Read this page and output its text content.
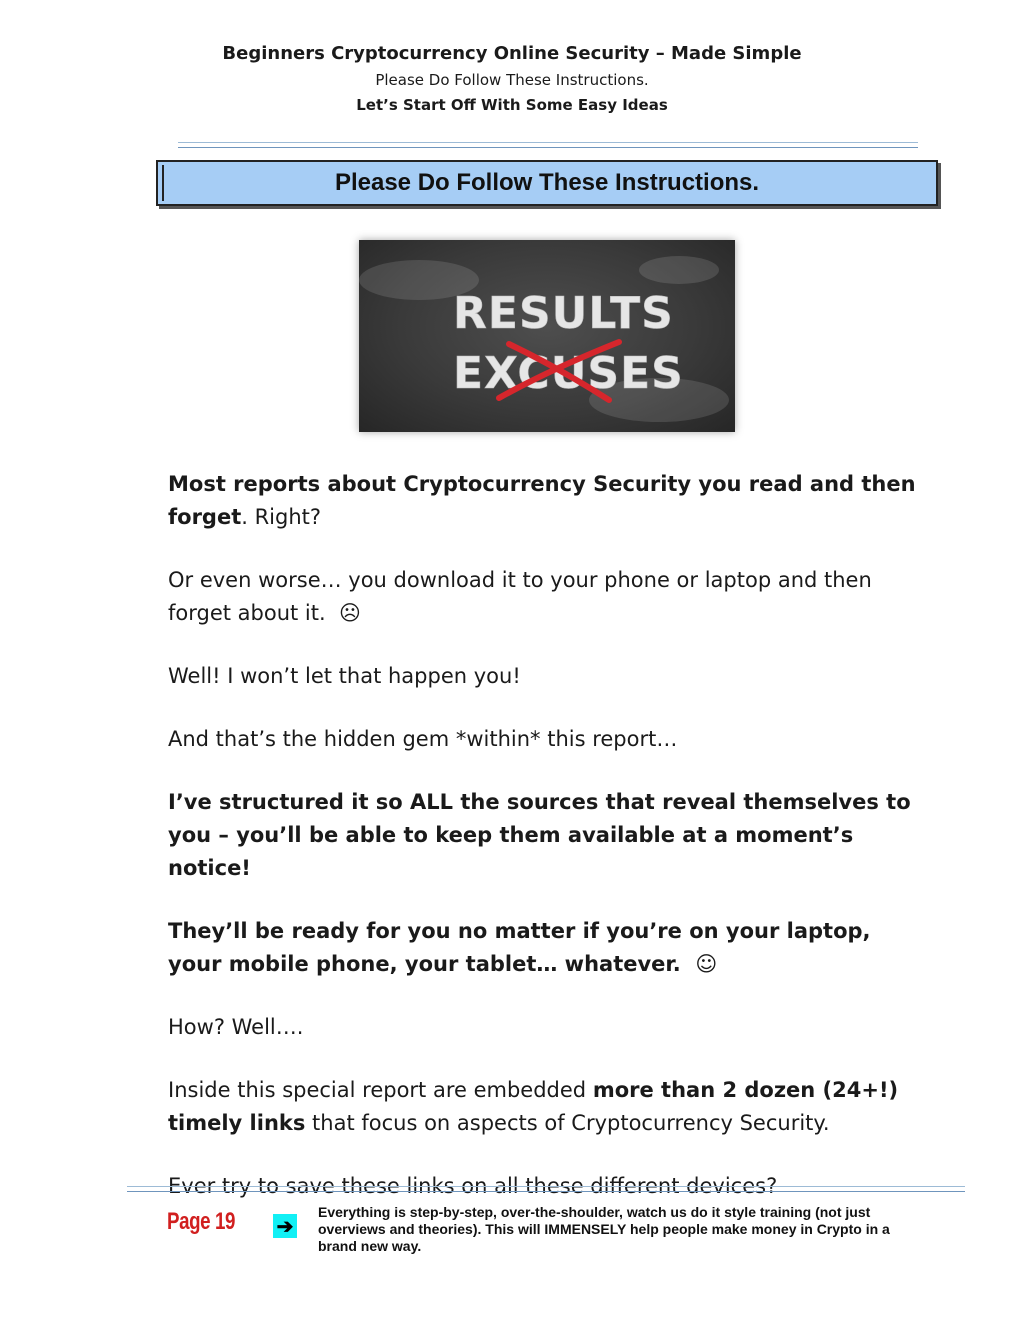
Beginners Cryptocurrency Online Security – Made Simple
Please Do Follow These Instructions.
Let’s Start Off With Some Easy Ideas
Please Do Follow These Instructions.
RESULTS
EXCUSES

Most reports about Cryptocurrency Security you read and then forget. Right?

Or even worse… you download it to your phone or laptop and then forget about it. ☹

Well! I won’t let that happen you!

And that’s the hidden gem *within* this report…

I’ve structured it so ALL the sources that reveal themselves to you – you’ll be able to keep them available at a moment’s notice!

They’ll be ready for you no matter if you’re on your laptop, your mobile phone, your tablet… whatever. ☺

How? Well….

Inside this special report are embedded more than 2 dozen (24+!) timely links that focus on aspects of Cryptocurrency Security.

Ever try to save these links on all these different devices?

Page 19 ➔
Everything is step-by-step, over-the-shoulder, watch us do it style training (not just overviews and theories). This will IMMENSELY help people make money in Crypto in a brand new way.
